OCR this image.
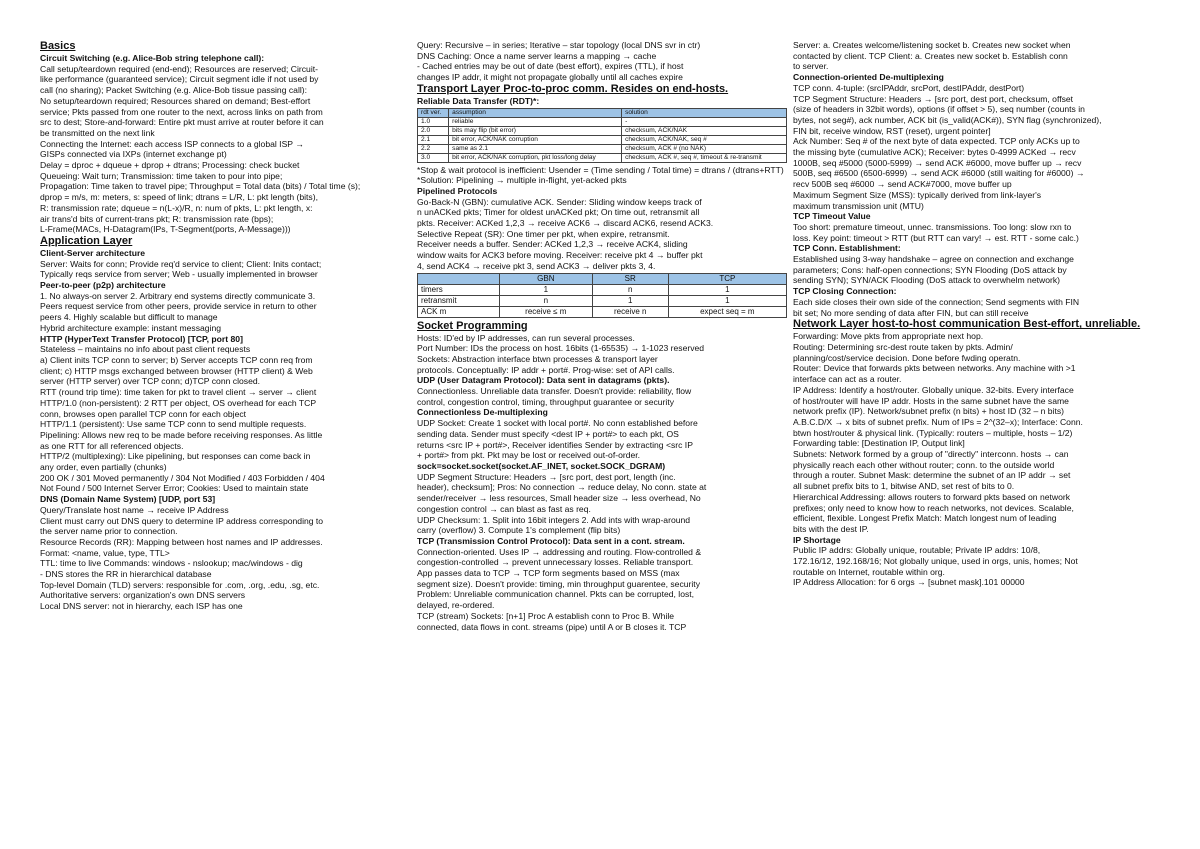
Basics
Circuit Switching (e.g. Alice-Bob string telephone call):
Call setup/teardown required (end-end); Resources are reserved; Circuit-
like performance (guaranteed service); Circuit segment idle if not used by
call (no sharing); Packet Switching (e.g. Alice-Bob tissue passing call):
No setup/teardown required; Resources shared on demand; Best-effort
service; Pkts passed from one router to the next, across links on path from
src to dest; Store-and-forward: Entire pkt must arrive at router before it can
be transmitted on the next link
Connecting the Internet: each access ISP connects to a global ISP →
GISPs connected via IXPs (internet exchange pt)
Delay = dproc + dqueue + dprop + dtrans; Processing: check bucket
Queueing: Wait turn; Transmission: time taken to pour into pipe;
Propagation: Time taken to travel pipe; Throughput = Total data (bits) / Total time (s);
dprop = m/s, m: meters, s: speed of link; dtrans = L/R, L: pkt length (bits),
R: transmission rate; dqueue = n(L-x)/R, n: num of pkts, L: pkt length, x:
air trans'd bits of current-trans pkt; R: transmission rate (bps);
L-Frame(MACs, H-Datagram(IPs, T-Segment(ports, A-Message)))
Application Layer
Client-Server architecture
Server: Waits for conn; Provide req'd service to client; Client: Inits contact;
Typically reqs service from server; Web - usually implemented in browser
Peer-to-peer (p2p) architecture
1. No always-on server 2. Arbitrary end systems directly communicate 3.
Peers request service from other peers, provide service in return to other
peers 4. Highly scalable but difficult to manage
Hybrid architecture example: instant messaging
HTTP (HyperText Transfer Protocol) [TCP, port 80]
Stateless – maintains no info about past client requests
a) Client inits TCP conn to server; b) Server accepts TCP conn req from
client; c) HTTP msgs exchanged between browser (HTTP client) & Web
server (HTTP server) over TCP conn; d)TCP conn closed.
RTT (round trip time): time taken for pkt to travel client → server → client
HTTP/1.0 (non-persistent): 2 RTT per object, OS overhead for each TCP
conn, browses open parallel TCP conn for each object
HTTP/1.1 (persistent): Use same TCP conn to send multiple requests.
Pipelining: Allows new req to be made before receiving responses. As little
as one RTT for all referenced objects.
HTTP/2 (multiplexing): Like pipelining, but responses can come back in
any order, even partially (chunks)
200 OK / 301 Moved permanently / 304 Not Modified / 403 Forbidden / 404
Not Found / 500 Internet Server Error; Cookies: Used to maintain state
DNS (Domain Name System) [UDP, port 53]
Query/Translate host name → receive IP Address
Client must carry out DNS query to determine IP address corresponding to
the server name prior to connection.
Resource Records (RR): Mapping between host names and IP addresses.
Format: <name, value, type, TTL>
TTL: time to live Commands: windows - nslookup; mac/windows - dig
- DNS stores the RR in hierarchical database
Top-level Domain (TLD) servers: responsible for .com, .org, .edu, .sg, etc.
Authoritative servers: organization's own DNS servers
Local DNS server: not in hierarchy, each ISP has one
Query: Recursive – in series; Iterative – star topology (local DNS svr in ctr)
DNS Caching: Once a name server learns a mapping → cache
- Cached entries may be out of date (best effort), expires (TTL), if host
changes IP addr, it might not propagate globally until all caches expire
Transport Layer Proc-to-proc comm. Resides on end-hosts.
Reliable Data Transfer (RDT)*:
rdt ver.	assumption	solution
1.0	reliable	-
2.0	bits may flip (bit error)	checksum, ACK/NAK
2.1	bit error, ACK/NAK corruption	checksum, ACK/NAK, seq #
2.2	same as 2.1	checksum, ACK # (no NAK)
3.0	bit error, ACK/NAK corruption, pkt loss/long delay	checksum, ACK #, seq #, timeout & re-transmit
*Stop & wait protocol is inefficient: Usender = (Time sending / Total time) = dtrans / (dtrans+RTT)
*Solution: Pipelining → multiple in-flight, yet-acked pkts
Pipelined Protocols
Go-Back-N (GBN): cumulative ACK. Sender: Sliding window keeps track of
n unACKed pkts; Timer for oldest unACKed pkt; On time out, retransmit all
pkts. Receiver: ACKed 1,2,3 → receive ACK6 → discard ACK6, resend ACK3.
Selective Repeat (SR): One timer per pkt, when expire, retransmit.
Receiver needs a buffer. Sender: ACKed 1,2,3 → receive ACK4, sliding
window waits for ACK3 before moving. Receiver: receive pkt 4 → buffer pkt
4, send ACK4 → receive pkt 3, send ACK3 → deliver pkts 3, 4.
	GBN	SR	TCP
timers	1	n	1
retransmit	n	1	1
ACK m	receive ≤ m	receive n	expect seq = m
Socket Programming
Hosts: ID'ed by IP addresses, can run several processes.
Port Number: IDs the process on host. 16bits (1-65535) → 1-1023 reserved
Sockets: Abstraction interface btwn processes & transport layer
protocols. Conceptually: IP addr + port#. Prog-wise: set of API calls.
UDP (User Datagram Protocol): Data sent in datagrams (pkts).
Connectionless. Unreliable data transfer. Doesn't provide: reliability, flow
control, congestion control, timing, throughput guarantee or security
Connectionless De-multiplexing
UDP Socket: Create 1 socket with local port#. No conn established before
sending data. Sender must specify <dest IP + port#> to each pkt, OS
returns <src IP + port#>, Receiver identifies Sender by extracting <src IP
+ port#> from pkt. Pkt may be lost or received out-of-order.
sock=socket.socket(socket.AF_INET, socket.SOCK_DGRAM)
UDP Segment Structure: Headers → [src port, dest port, length (inc.
header), checksum]; Pros: No connection → reduce delay, No conn. state at
sender/receiver → less resources, Small header size → less overhead, No
congestion control → can blast as fast as req.
UDP Checksum: 1. Split into 16bit integers 2. Add ints with wrap-around
carry (overflow) 3. Compute 1's complement (flip bits)
TCP (Transmission Control Protocol): Data sent in a cont. stream.
Connection-oriented. Uses IP → addressing and routing. Flow-controlled &
congestion-controlled → prevent unnecessary losses. Reliable transport.
App passes data to TCP → TCP form segments based on MSS (max
segment size). Doesn't provide: timing, min throughput guarentee, security
Problem: Unreliable communication channel. Pkts can be corrupted, lost,
delayed, re-ordered.
TCP (stream) Sockets: [n+1] Proc A establish conn to Proc B. While
connected, data flows in cont. streams (pipe) until A or B closes it. TCP
Server: a. Creates welcome/listening socket b. Creates new socket when
contacted by client. TCP Client: a. Creates new socket b. Establish conn
to server.
Connection-oriented De-multiplexing
TCP conn. 4-tuple: (srcIPAddr, srcPort, destIPAddr, destPort)
TCP Segment Structure: Headers → [src port, dest port, checksum, offset
(size of headers in 32bit words), options (if offset > 5), seq number (counts in
bytes, not seg#), ack number, ACK bit (is_valid(ACK#)), SYN flag (synchronized),
FIN bit, receive window, RST (reset), urgent pointer]
Ack Number: Seq # of the next byte of data expected. TCP only ACKs up to
the missing byte (cumulative ACK); Receiver: bytes 0-4999 ACKed → recv
1000B, seq #5000 (5000-5999) → send ACK #6000, move buffer up → recv
500B, seq #6500 (6500-6999) → send ACK #6000 (still waiting for #6000) →
recv 500B seq #6000 → send ACK#7000, move buffer up
Maximum Segment Size (MSS): typically derived from link-layer's
maximum transmission unit (MTU)
TCP Timeout Value
Too short: premature timeout, unnec. transmissions. Too long: slow rxn to
loss. Key point: timeout > RTT (but RTT can vary! → est. RTT - some calc.)
TCP Conn. Establishment:
Established using 3-way handshake – agree on connection and exchange
parameters; Cons: half-open connections; SYN Flooding (DoS attack by
sending SYN); SYN/ACK Flooding (DoS attack to overwhelm network)
TCP Closing Connection:
Each side closes their own side of the connection; Send segments with FIN
bit set; No more sending of data after FIN, but can still receive
Network Layer host-to-host communication Best-effort, unreliable.
Forwarding: Move pkts from appropriate next hop.
Routing: Determining src-dest route taken by pkts. Admin/
planning/cost/service decision. Done before fwding operatn.
Router: Device that forwards pkts between networks. Any machine with >1
interface can act as a router.
IP Address: Identify a host/router. Globally unique. 32-bits. Every interface
of host/router will have IP addr. Hosts in the same subnet have the same
network prefix (IP). Network/subnet prefix (n bits) + host ID (32 – n bits)
A.B.C.D/X → x bits of subnet prefix. Num of IPs = 2^(32–x); Interface: Conn.
btwn host/router & physical link. (Typically: routers – multiple, hosts – 1/2)
Forwarding table: [Destination IP, Output link]
Subnets: Network formed by a group of "directly" interconn. hosts → can
physically reach each other without router; conn. to the outside world
through a router. Subnet Mask: determine the subnet of an IP addr → set
all subnet prefix bits to 1, bitwise AND, set rest of bits to 0.
Hierarchical Addressing: allows routers to forward pkts based on network
prefixes; only need to know how to reach networks, not devices. Scalable,
efficient, flexible. Longest Prefix Match: Match longest num of leading
bits with the dest IP.
IP Shortage
Public IP addrs: Globally unique, routable; Private IP addrs: 10/8,
172.16/12, 192.168/16; Not globally unique, used in orgs, unis, homes; Not
routable on Internet, routable within org.
IP Address Allocation: for 6 orgs → [subnet mask].101 00000
